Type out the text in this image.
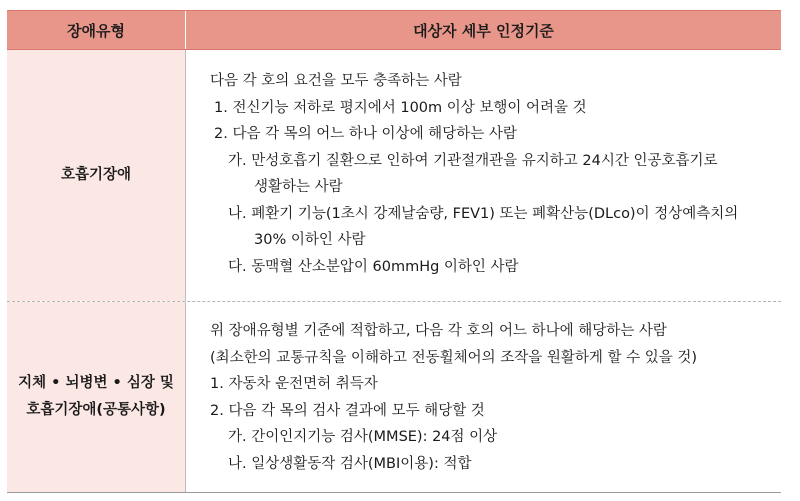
장애유형	대상자 세부 인정기준
호흡기장애
다음 각 호의 요건을 모두 충족하는 사람
1. 전신기능 저하로 평지에서 100m 이상 보행이 어려울 것
2. 다음 각 목의 어느 하나 이상에 해당하는 사람
가. 만성호흡기 질환으로 인하여 기관절개관을 유지하고 24시간 인공호흡기로
생활하는 사람
나. 폐환기 기능(1초시 강제날숨량, FEV1) 또는 폐확산능(DLco)이 정상예측치의
30% 이하인 사람
다. 동맥혈 산소분압이 60mmHg 이하인 사람
지체 • 뇌병변 • 심장 및
호흡기장애(공통사항)
위 장애유형별 기준에 적합하고, 다음 각 호의 어느 하나에 해당하는 사람
(최소한의 교통규칙을 이해하고 전동휠체어의 조작을 원활하게 할 수 있을 것)
1. 자동차 운전면허 취득자
2. 다음 각 목의 검사 결과에 모두 해당할 것
가. 간이인지기능 검사(MMSE): 24점 이상
나. 일상생활동작 검사(MBI이용): 적합
